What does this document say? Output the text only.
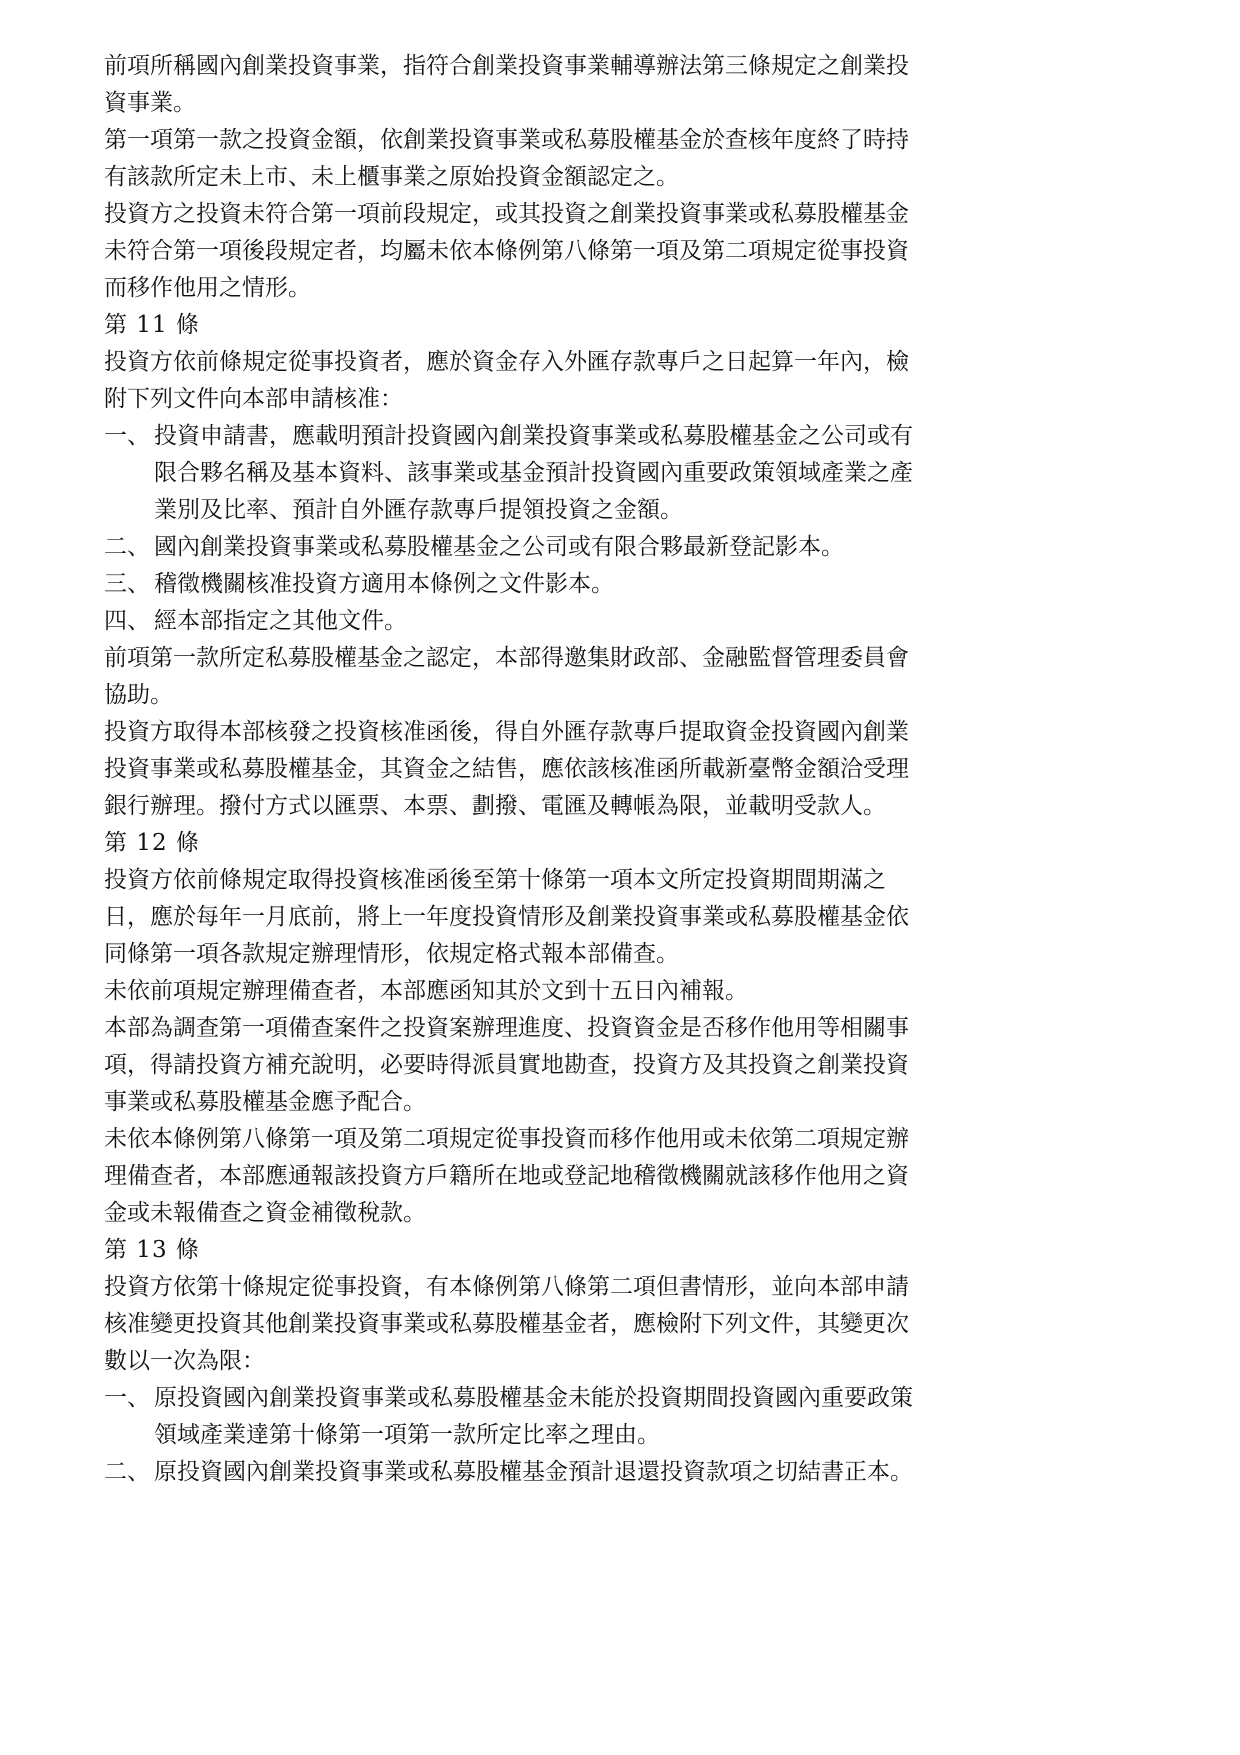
前項所稱國內創業投資事業，指符合創業投資事業輔導辦法第三條規定之創業投資事業。

第一項第一款之投資金額，依創業投資事業或私募股權基金於查核年度終了時持有該款所定未上市、未上櫃事業之原始投資金額認定之。

投資方之投資未符合第一項前段規定，或其投資之創業投資事業或私募股權基金未符合第一項後段規定者，均屬未依本條例第八條第一項及第二項規定從事投資而移作他用之情形。

第 11 條

投資方依前條規定從事投資者，應於資金存入外匯存款專戶之日起算一年內，檢附下列文件向本部申請核准：

一、 投資申請書，應載明預計投資國內創業投資事業或私募股權基金之公司或有限合夥名稱及基本資料、該事業或基金預計投資國內重要政策領域產業之產業別及比率、預計自外匯存款專戶提領投資之金額。
二、 國內創業投資事業或私募股權基金之公司或有限合夥最新登記影本。
三、 稽徵機關核准投資方適用本條例之文件影本。
四、 經本部指定之其他文件。

前項第一款所定私募股權基金之認定，本部得邀集財政部、金融監督管理委員會協助。

投資方取得本部核發之投資核准函後，得自外匯存款專戶提取資金投資國內創業投資事業或私募股權基金，其資金之結售，應依該核准函所載新臺幣金額洽受理銀行辦理。撥付方式以匯票、本票、劃撥、電匯及轉帳為限，並載明受款人。

第 12 條

投資方依前條規定取得投資核准函後至第十條第一項本文所定投資期間期滿之日，應於每年一月底前，將上一年度投資情形及創業投資事業或私募股權基金依同條第一項各款規定辦理情形，依規定格式報本部備查。

未依前項規定辦理備查者，本部應函知其於文到十五日內補報。

本部為調查第一項備查案件之投資案辦理進度、投資資金是否移作他用等相關事項，得請投資方補充說明，必要時得派員實地勘查，投資方及其投資之創業投資事業或私募股權基金應予配合。

未依本條例第八條第一項及第二項規定從事投資而移作他用或未依第二項規定辦理備查者，本部應通報該投資方戶籍所在地或登記地稽徵機關就該移作他用之資金或未報備查之資金補徵稅款。

第 13 條

投資方依第十條規定從事投資，有本條例第八條第二項但書情形，並向本部申請核准變更投資其他創業投資事業或私募股權基金者，應檢附下列文件，其變更次數以一次為限：

一、 原投資國內創業投資事業或私募股權基金未能於投資期間投資國內重要政策領域產業達第十條第一項第一款所定比率之理由。
二、 原投資國內創業投資事業或私募股權基金預計退還投資款項之切結書正本。
